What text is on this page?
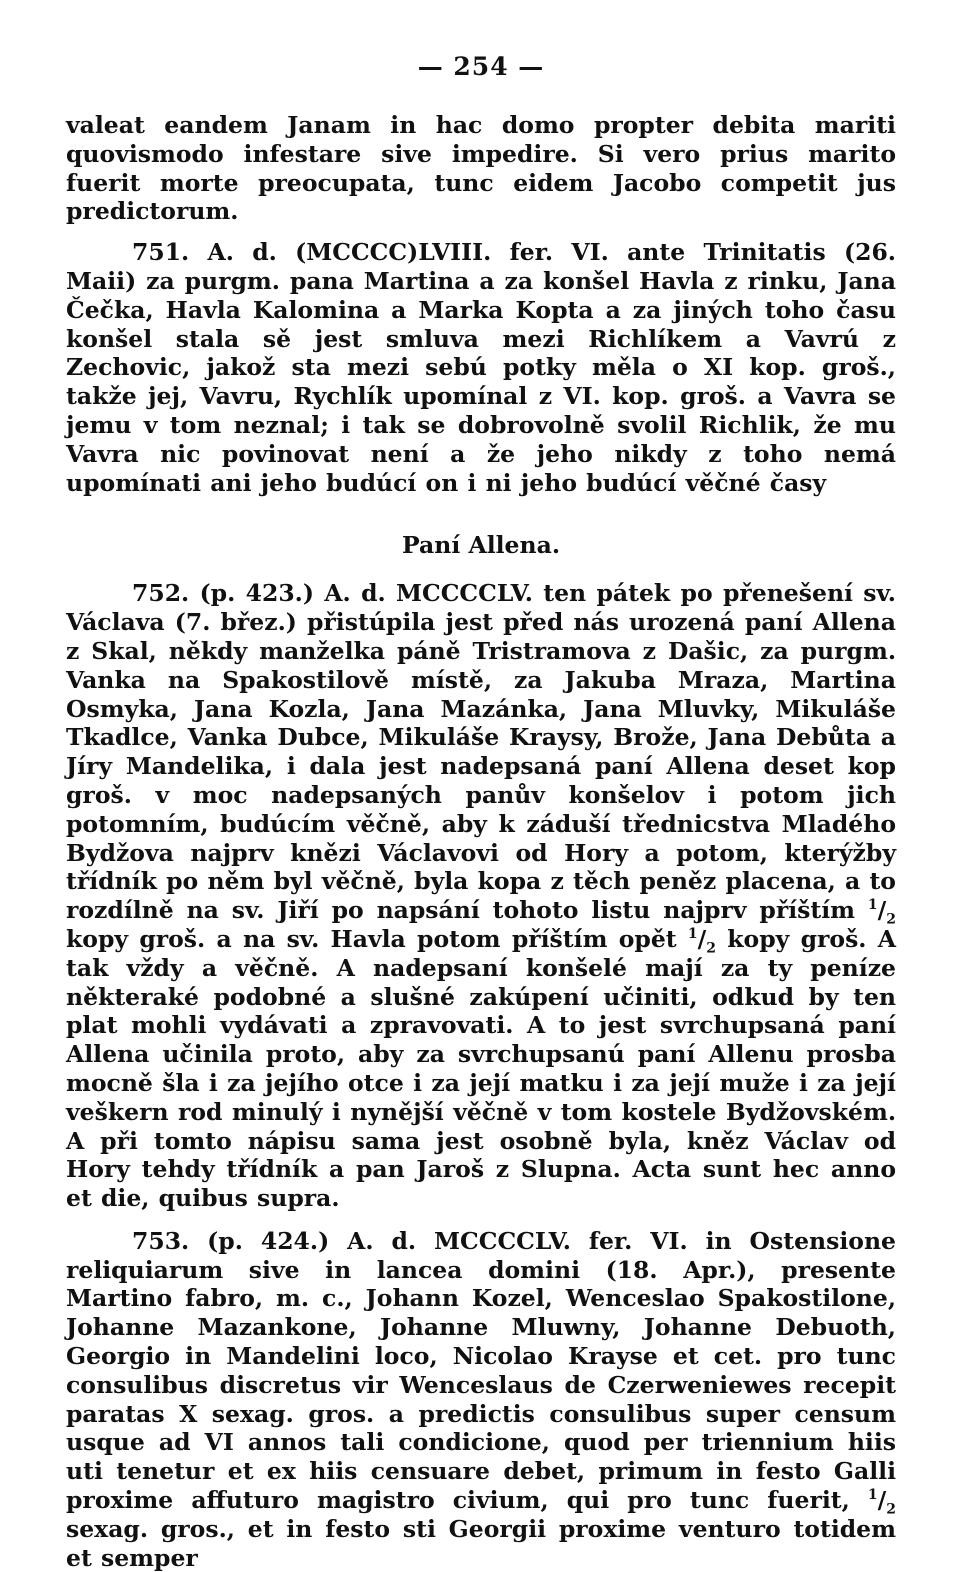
— 254 —

valeat eandem Janam in hac domo propter debita mariti quovismodo infestare sive impedire. Si vero prius marito fuerit morte preocupata, tunc eidem Jacobo competit jus predictorum.

751. A. d. (MCCCC)LVIII. fer. VI. ante Trinitatis (26. Maii) za purgm. pana Martina a za konšel Havla z rinku, Jana Čečka, Havla Kalomina a Marka Kopta a za jiných toho času konšel stala sě jest smluva mezi Richlíkem a Vavrú z Zechovic, jakož sta mezi sebú potky měla o XI kop. groš., takže jej, Vavru, Rychlík upomínal z VI. kop. groš. a Vavra se jemu v tom neznal; i tak se dobrovolně svolil Richlik, že mu Vavra nic povinovat není a že jeho nikdy z toho nemá upomínati ani jeho budúcí on i ni jeho budúcí věčné časy

Paní Allena.

752. (p. 423.) A. d. MCCCCLV. ten pátek po přenešení sv. Václava (7. břez.) přistúpila jest před nás urozená paní Allena z Skal, někdy manželka páně Tristramova z Dašic, za purgm. Vanka na Spakostilově místě, za Jakuba Mraza, Martina Osmyka, Jana Kozla, Jana Mazánka, Jana Mluvky, Mikuláše Tkadlce, Vanka Dubce, Mikuláše Kraysy, Brože, Jana Debůta a Jíry Mandelika, i dala jest nadepsaná paní Allena deset kop groš. v moc nadepsaných panův konšelov i potom jich potomním, budúcím věčně, aby k záduší třednicstva Mladého Bydžova najprv knězi Václavovi od Hory a potom, kterýžby třídník po něm byl věčně, byla kopa z těch peněz placena, a to rozdílně na sv. Jiří po napsání tohoto listu najprv příštím $^1/_2$ kopy groš. a na sv. Havla potom příštím opět $^1/_2$ kopy groš. A tak vždy a věčně. A nadepsaní konšelé mají za ty peníze některaké podobné a slušné zakúpení učiniti, odkud by ten plat mohli vydávati a zpravovati. A to jest svrchupsaná paní Allena učinila proto, aby za svrchupsanú paní Allenu prosba mocně šla i za jejího otce i za její matku i za její muže i za její veškern rod minulý i nynější věčně v tom kostele Bydžovském. A při tomto nápisu sama jest osobně byla, kněz Václav od Hory tehdy třídník a pan Jaroš z Slupna. Acta sunt hec anno et die, quibus supra.

753. (p. 424.) A. d. MCCCCLV. fer. VI. in Ostensione reliquiarum sive in lancea domini (18. Apr.), presente Martino fabro, m. c., Johann Kozel, Wenceslao Spakostilone, Johanne Mazankone, Johanne Mluwny, Johanne Debuoth, Georgio in Mandelini loco, Nicolao Krayse et cet. pro tunc consulibus discretus vir Wenceslaus de Czerweniewes recepit paratas X sexag. gros. a predictis consulibus super censum usque ad VI annos tali condicione, quod per triennium hiis uti tenetur et ex hiis censuare debet, primum in festo Galli proxime affuturo magistro civium, qui pro tunc fuerit, $^1/_2$ sexag. gros., et in festo sti Georgii proxime venturo totidem et semper
